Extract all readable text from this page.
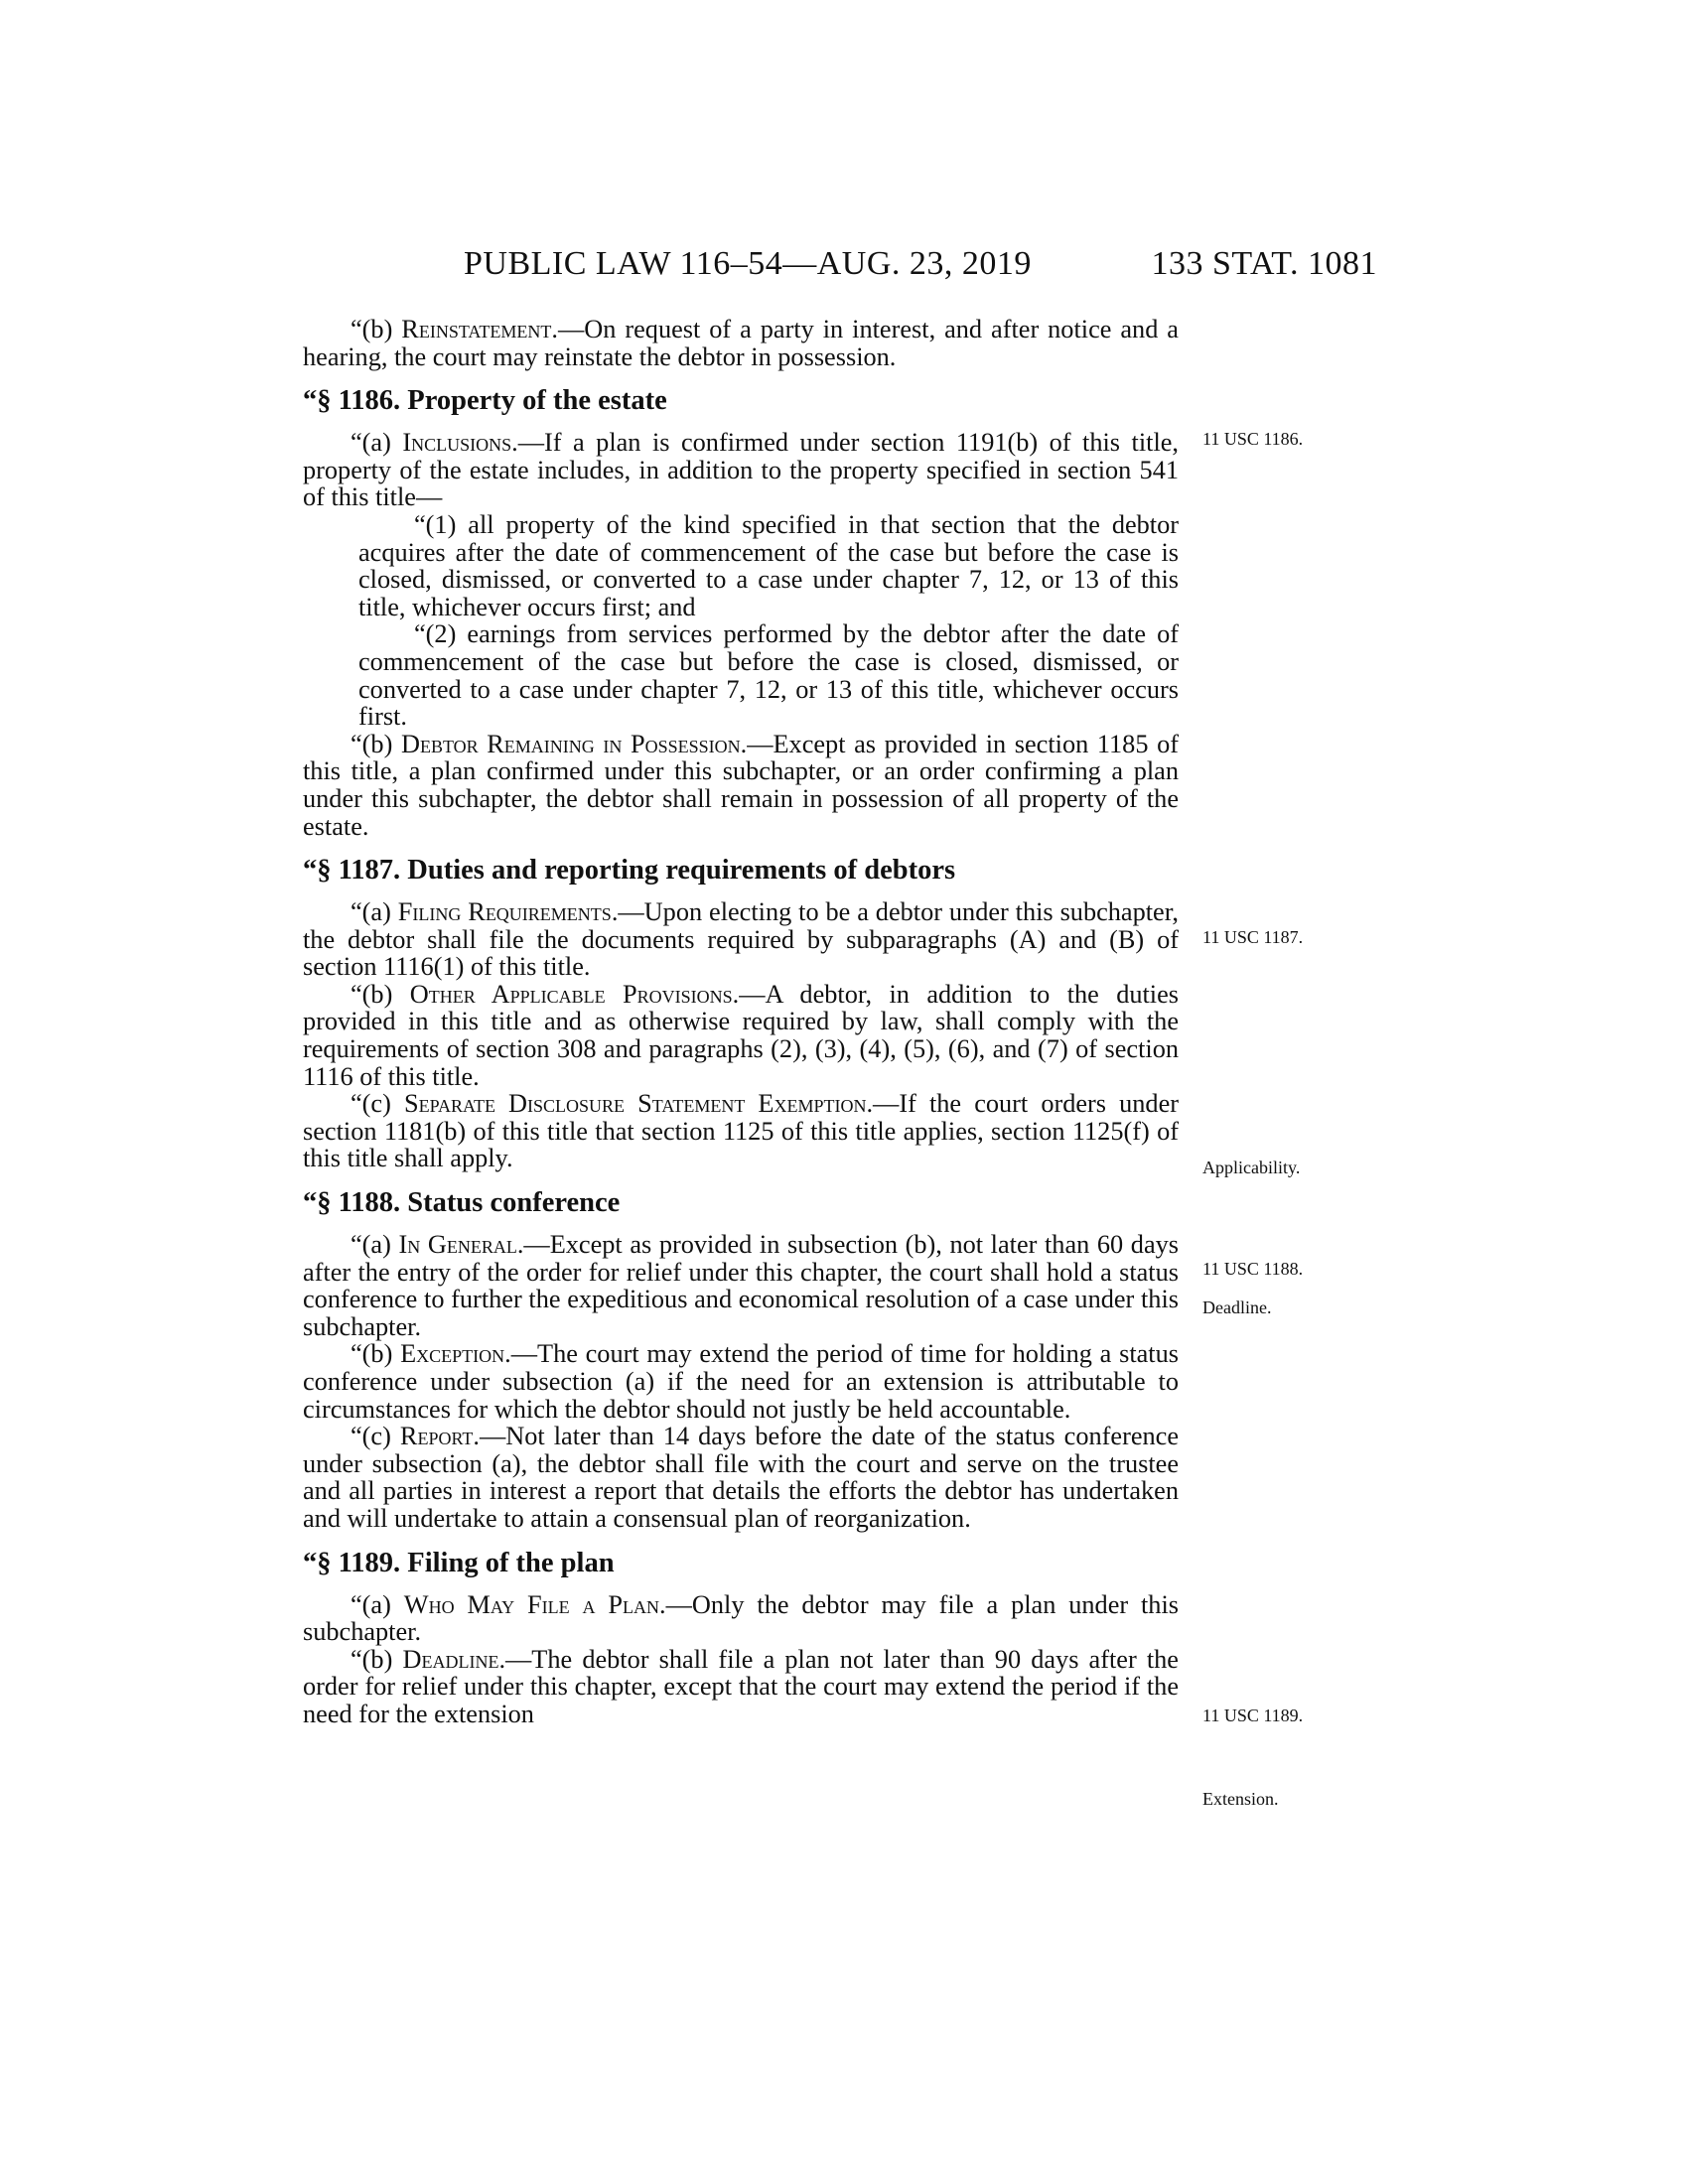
PUBLIC LAW 116–54—AUG. 23, 2019	133 STAT. 1081

“(b) Reinstatement.—On request of a party in interest, and after notice and a hearing, the court may reinstate the debtor in possession.

“§ 1186. Property of the estate

“(a) Inclusions.—If a plan is confirmed under section 1191(b) of this title, property of the estate includes, in addition to the property specified in section 541 of this title—

“(1) all property of the kind specified in that section that the debtor acquires after the date of commencement of the case but before the case is closed, dismissed, or converted to a case under chapter 7, 12, or 13 of this title, whichever occurs first; and

“(2) earnings from services performed by the debtor after the date of commencement of the case but before the case is closed, dismissed, or converted to a case under chapter 7, 12, or 13 of this title, whichever occurs first.

“(b) Debtor Remaining in Possession.—Except as provided in section 1185 of this title, a plan confirmed under this subchapter, or an order confirming a plan under this subchapter, the debtor shall remain in possession of all property of the estate.

“§ 1187. Duties and reporting requirements of debtors

“(a) Filing Requirements.—Upon electing to be a debtor under this subchapter, the debtor shall file the documents required by subparagraphs (A) and (B) of section 1116(1) of this title.

“(b) Other Applicable Provisions.—A debtor, in addition to the duties provided in this title and as otherwise required by law, shall comply with the requirements of section 308 and paragraphs (2), (3), (4), (5), (6), and (7) of section 1116 of this title.

“(c) Separate Disclosure Statement Exemption.—If the court orders under section 1181(b) of this title that section 1125 of this title applies, section 1125(f) of this title shall apply.

“§ 1188. Status conference

“(a) In General.—Except as provided in subsection (b), not later than 60 days after the entry of the order for relief under this chapter, the court shall hold a status conference to further the expeditious and economical resolution of a case under this subchapter.

“(b) Exception.—The court may extend the period of time for holding a status conference under subsection (a) if the need for an extension is attributable to circumstances for which the debtor should not justly be held accountable.

“(c) Report.—Not later than 14 days before the date of the status conference under subsection (a), the debtor shall file with the court and serve on the trustee and all parties in interest a report that details the efforts the debtor has undertaken and will undertake to attain a consensual plan of reorganization.

“§ 1189. Filing of the plan

“(a) Who May File a Plan.—Only the debtor may file a plan under this subchapter.

“(b) Deadline.—The debtor shall file a plan not later than 90 days after the order for relief under this chapter, except that the court may extend the period if the need for the extension

11 USC 1186.
11 USC 1187.
Applicability.
11 USC 1188.
Deadline.
11 USC 1189.
Extension.
